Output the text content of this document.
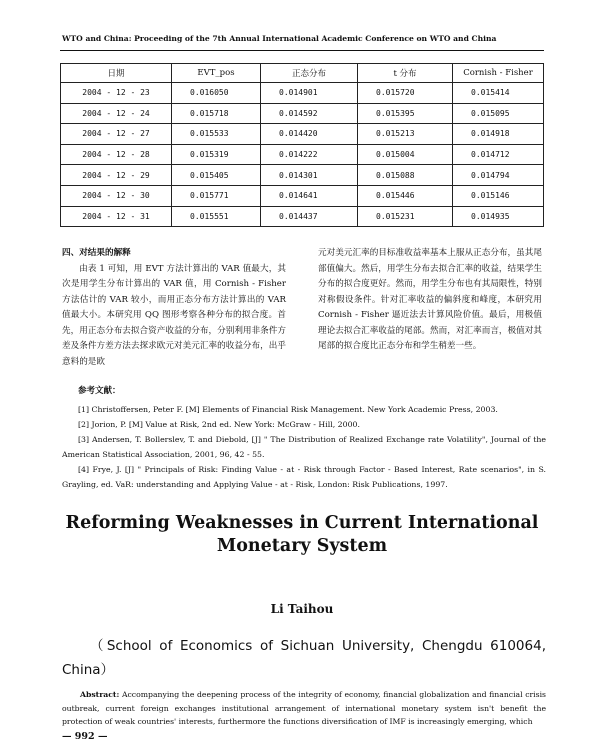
WTO and China: Proceeding of the 7th Annual International Academic Conference on WTO and China
日期	EVT_pos	正态分布	t 分布	Cornish - Fisher
2004 - 12 - 23	0.016050	0.014901	0.015720	0.015414
2004 - 12 - 24	0.015718	0.014592	0.015395	0.015095
2004 - 12 - 27	0.015533	0.014420	0.015213	0.014918
2004 - 12 - 28	0.015319	0.014222	0.015004	0.014712
2004 - 12 - 29	0.015405	0.014301	0.015088	0.014794
2004 - 12 - 30	0.015771	0.014641	0.015446	0.015146
2004 - 12 - 31	0.015551	0.014437	0.015231	0.014935
四、对结果的解释
由表 1 可知，用 EVT 方法计算出的 VAR 值最大，其次是用学生分布计算出的 VAR 值，用 Cornish - Fisher 方法估计的 VAR 较小，而用正态分布方法计算出的 VAR 值最大小。本研究用 QQ 图形考察各种分布的拟合度。首先，用正态分布去拟合资产收益的分布，分别利用非条件方差及条件方差方法去探求欧元对美元汇率的收益分布，出乎意料的是欧
元对美元汇率的目标准收益率基本上服从正态分布，虽其尾部值偏大。然后，用学生分布去拟合汇率的收益，结果学生分布的拟合度更好。然而，用学生分布也有其局限性，特别对称假设条件。针对汇率收益的偏斜度和峰度，本研究用 Cornish - Fisher 逼近法去计算风险价值。最后，用极值理论去拟合汇率收益的尾部。然而，对汇率而言，极值对其尾部的拟合度比正态分布和学生稍差一些。
参考文献：

[1] Christoffersen, Peter F. [M] Elements of Financial Risk Management. New York Academic Press, 2003.

[2] Jorion, P. [M] Value at Risk, 2nd ed. New York: McGraw - Hill, 2000.

[3] Andersen, T. Bollerslev, T. and Diebold, [J] " The Distribution of Realized Exchange rate Volatility", Journal of the American Statistical Association, 2001, 96, 42 - 55.

[4] Frye, J. [J] " Principals of Risk: Finding Value - at - Risk through Factor - Based Interest, Rate scenarios", in S. Grayling, ed. VaR: understanding and Applying Value - at - Risk, London: Risk Publications, 1997.

Reforming Weaknesses in Current International Monetary System
Li Taihou
（School of Economics of Sichuan University, Chengdu 610064, China）
Abstract: Accompanying the deepening process of the integrity of economy, financial globalization and financial crisis outbreak, current foreign exchanges institutional arrangement of international monetary system isn't benefit the protection of weak countries' interests, furthermore the functions diversification of IMF is increasingly emerging, which
— 992 —
